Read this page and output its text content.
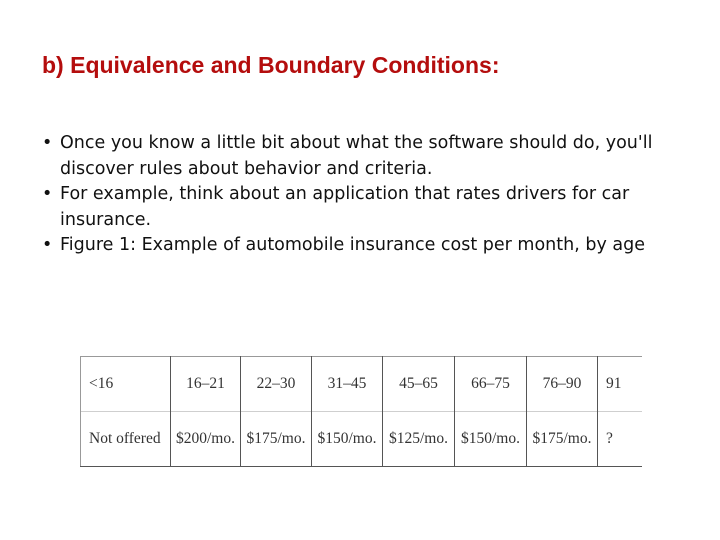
b) Equivalence and Boundary Conditions:
• Once you know a little bit about what the software should do, you'll discover rules about behavior and criteria.
• For example, think about an application that rates drivers for car insurance.
• Figure 1: Example of automobile insurance cost per month, by age
<16	16–21	22–30	31–45	45–65	66–75	76–90	91

Not offered	$200/mo.	$175/mo.	$150/mo.	$125/mo.	$150/mo.	$175/mo.	?
